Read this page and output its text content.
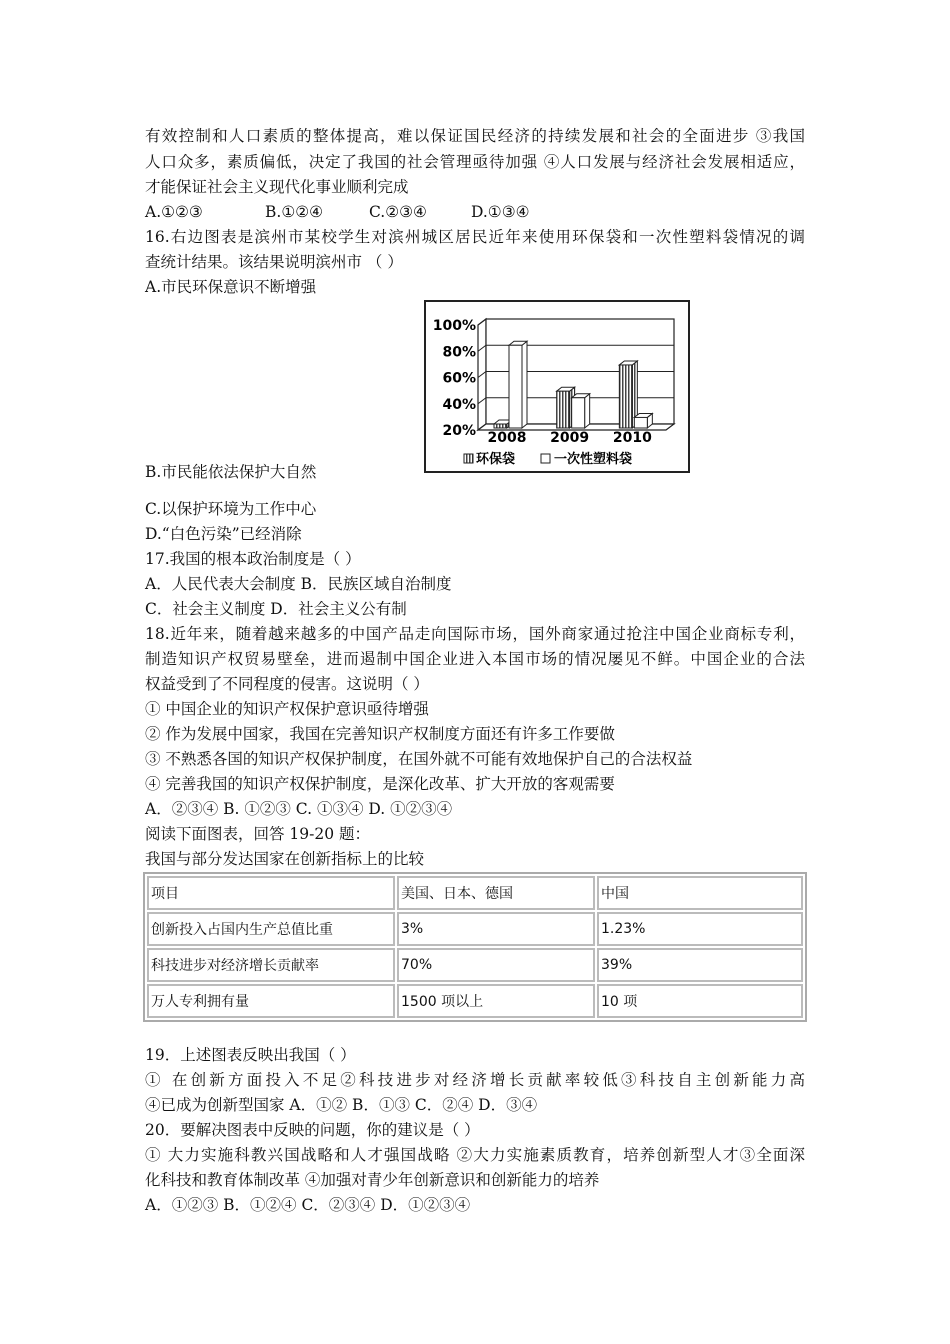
有效控制和人口素质的整体提高，难以保证国民经济的持续发展和社会的全面进步 ③我国
人口众多，素质偏低，决定了我国的社会管理亟待加强 ④人口发展与经济社会发展相适应，
才能保证社会主义现代化事业顺利完成
A.①②③	B.①②④	C.②③④	D.①③④
16.右边图表是滨州市某校学生对滨州城区居民近年来使用环保袋和一次性塑料袋情况的调
查统计结果。该结果说明滨州市 （ ）
A.市民环保意识不断增强
100%
80%
60%
40%
20% 2008 2009 2010
环保袋	一次性塑料袋
B.市民能依法保护大自然
C.以保护环境为工作中心
D.“白色污染”已经消除
17.我国的根本政治制度是（ ）
A．人民代表大会制度 B．民族区域自治制度
C．社会主义制度 D．社会主义公有制
18.近年来，随着越来越多的中国产品走向国际市场，国外商家通过抢注中国企业商标专利，
制造知识产权贸易壁垒，进而遏制中国企业进入本国市场的情况屡见不鲜。中国企业的合法
权益受到了不同程度的侵害。这说明（ ）
① 中国企业的知识产权保护意识亟待增强
② 作为发展中国家，我国在完善知识产权制度方面还有许多工作要做
③ 不熟悉各国的知识产权保护制度，在国外就不可能有效地保护自己的合法权益
④ 完善我国的知识产权保护制度，是深化改革、扩大开放的客观需要
A．②③④ B. ①②③ C. ①③④ D. ①②③④
阅读下面图表，回答 19-20 题：
我国与部分发达国家在创新指标上的比较
项目	美国、日本、德国	中国
创新投入占国内生产总值比重	3%	1.23%
科技进步对经济增长贡献率	70%	39%
万人专利拥有量	1500 项以上	10 项
19．上述图表反映出我国（ ）
① 在创新方面投入不足②科技进步对经济增长贡献率较低③科技自主创新能力高
④已成为创新型国家 A．①② B．①③ C．②④ D．③④
20．要解决图表中反映的问题，你的建议是（ ）
① 大力实施科教兴国战略和人才强国战略 ②大力实施素质教育，培养创新型人才③全面深
化科技和教育体制改革 ④加强对青少年创新意识和创新能力的培养
A．①②③ B．①②④ C．②③④ D．①②③④
